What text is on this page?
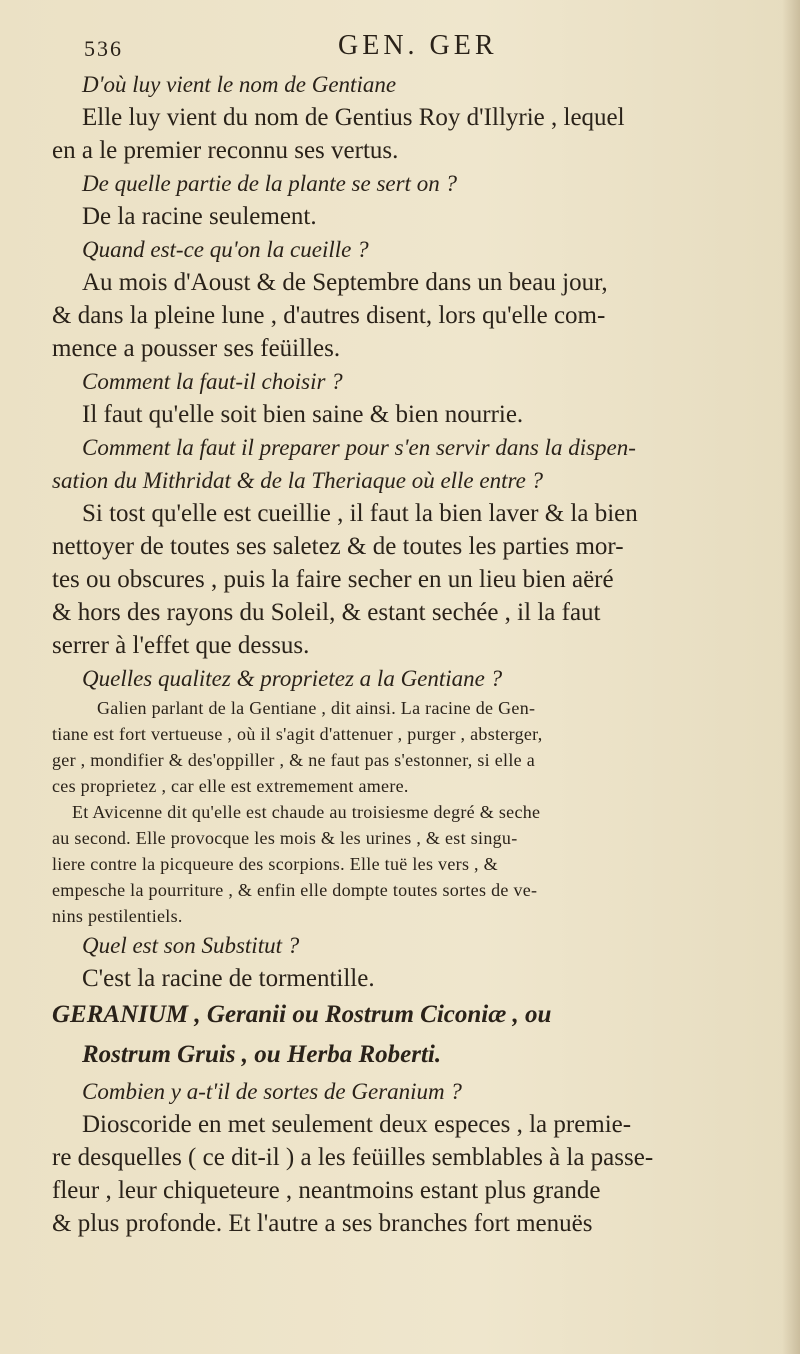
536	GEN. GER
D'où luy vient le nom de Gentiane
Elle luy vient du nom de Gentius Roy d'Illyrie , lequel
en a le premier reconnu ses vertus.
De quelle partie de la plante se sert on ?
De la racine seulement.
Quand est-ce qu'on la cueille ?
Au mois d'Aoust & de Septembre dans un beau jour,
& dans la pleine lune , d'autres disent, lors qu'elle com-
mence a pousser ses feüilles.
Comment la faut-il choisir ?
Il faut qu'elle soit bien saine & bien nourrie.
Comment la faut il preparer pour s'en servir dans la dispen-
sation du Mithridat & de la Theriaque où elle entre ?
Si tost qu'elle est cueillie , il faut la bien laver & la bien
nettoyer de toutes ses saletez & de toutes les parties mor-
tes ou obscures , puis la faire secher en un lieu bien aëré
& hors des rayons du Soleil, & estant sechée , il la faut
serrer à l'effet que dessus.
Quelles qualitez & proprietez a la Gentiane ?
Galien parlant de la Gentiane , dit ainsi. La racine de Gen-
tiane est fort vertueuse , où il s'agit d'attenuer , purger , absterger,
ger , mondifier & des'oppiller , & ne faut pas s'estonner, si elle a
ces proprietez , car elle est extremement amere.
Et Avicenne dit qu'elle est chaude au troisiesme degré & seche
au second. Elle provocque les mois & les urines , & est singu-
liere contre la picqueure des scorpions. Elle tuë les vers , &
empesche la pourriture , & enfin elle dompte toutes sortes de ve-
nins pestilentiels.
Quel est son Substitut ?
C'est la racine de tormentille.
GERANIUM , Geranii ou Rostrum Ciconiæ , ou
Rostrum Gruis , ou Herba Roberti.
Combien y a-t'il de sortes de Geranium ?
Dioscoride en met seulement deux especes , la premie-
re desquelles ( ce dit-il ) a les feüilles semblables à la passe-
fleur , leur chiqueteure , neantmoins estant plus grande
& plus profonde. Et l'autre a ses branches fort menuës
